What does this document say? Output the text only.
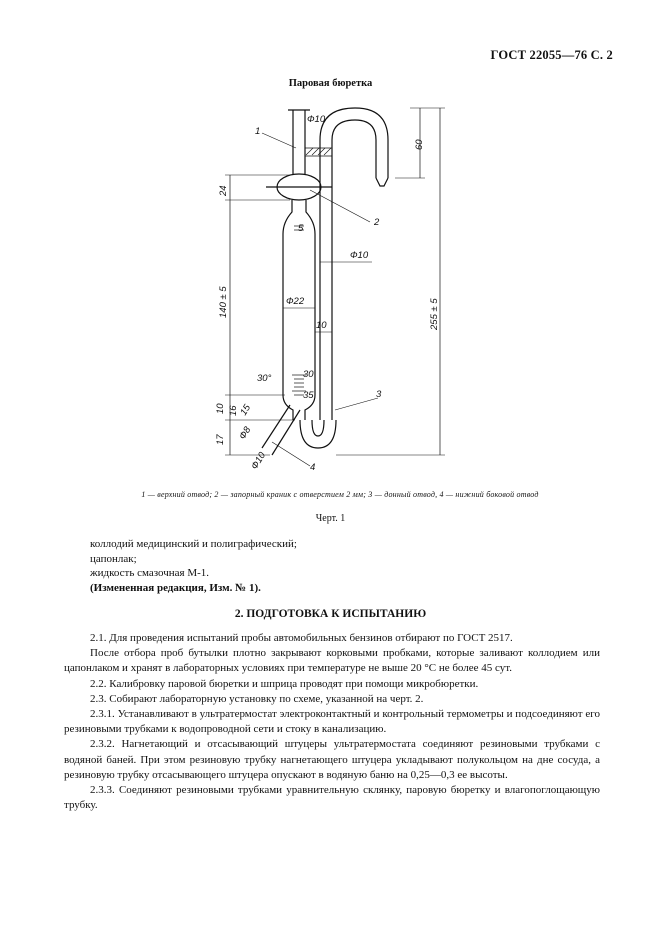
ГОСТ 22055—76 С. 2
Паровая бюретка
Ф10
60
24
Ф10
140 ± 5	Ф22
10	255 ± 5
30°
10 16
17
15
Ф8
Ф10
5
30
35
1
2
3
4
1 — верхний отвод; 2 — запорный краник с отверстием 2 мм; 3 — донный отвод, 4 — нижний боковой отвод
Черт. 1
коллодий медицинский и полиграфический;
цапонлак;
жидкость смазочная М-1.
(Измененная редакция, Изм. № 1).
2. ПОДГОТОВКА К ИСПЫТАНИЮ

2.1. Для проведения испытаний пробы автомобильных бензинов отбирают по ГОСТ 2517.

После отбора проб бутылки плотно закрывают корковыми пробками, которые заливают коллодием или цапонлаком и хранят в лабораторных условиях при температуре не выше 20 °С не более 45 сут.

2.2. Калибровку паровой бюретки и шприца проводят при помощи микробюретки.

2.3. Собирают лабораторную установку по схеме, указанной на черт. 2.

2.3.1. Устанавливают в ультратермостат электроконтактный и контрольный термометры и подсоединяют его резиновыми трубками к водопроводной сети и стоку в канализацию.

2.3.2. Нагнетающий и отсасывающий штуцеры ультратермостата соединяют резиновыми трубками с водяной баней. При этом резиновую трубку нагнетающего штуцера укладывают полукольцом на дне сосуда, а резиновую трубку отсасывающего штуцера опускают в водяную баню на 0,25—0,3 ее высоты.

2.3.3. Соединяют резиновыми трубками уравнительную склянку, паровую бюретку и влагопоглощающую трубку.
